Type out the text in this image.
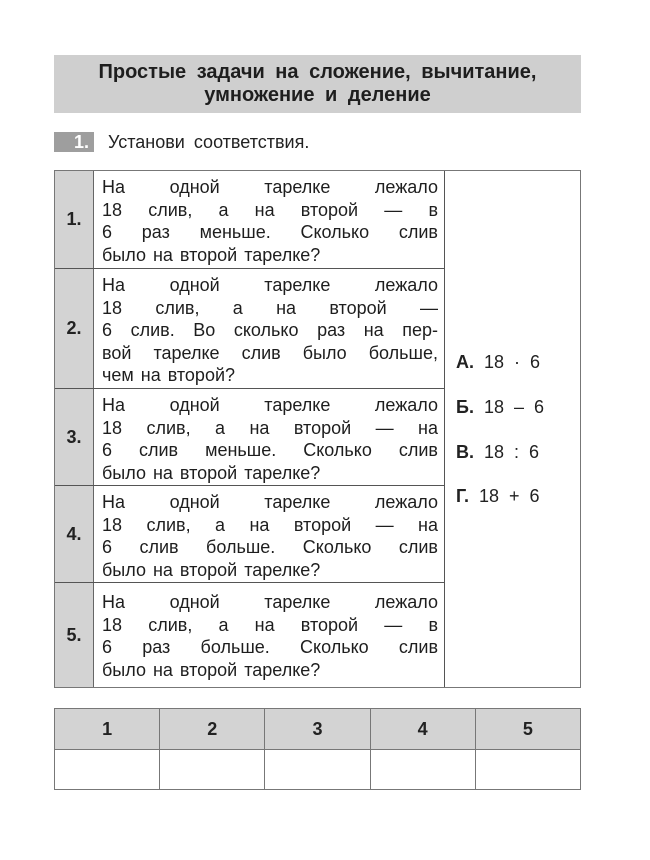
Простые задачи на сложение, вычитание,
умножение и деление
1. Установи соответствия.
1.
На одной тарелке лежало
18 слив, а на второй — в
6 раз меньше. Сколько слив
было на второй тарелке?
2.
На одной тарелке лежало
18 слив, а на второй —
6 слив. Во сколько раз на пер-
вой тарелке слив было больше,
чем на второй?
3.
На одной тарелке лежало
18 слив, а на второй — на
6 слив меньше. Сколько слив
было на второй тарелке?
4.
На одной тарелке лежало
18 слив, а на второй — на
6 слив больше. Сколько слив
было на второй тарелке?
5.
На одной тарелке лежало
18 слив, а на второй — в
6 раз больше. Сколько слив
было на второй тарелке?
А. 18  ·  6
Б. 18  –  6
В. 18  :  6
Г. 18  +  6
1	2	3	4	5
